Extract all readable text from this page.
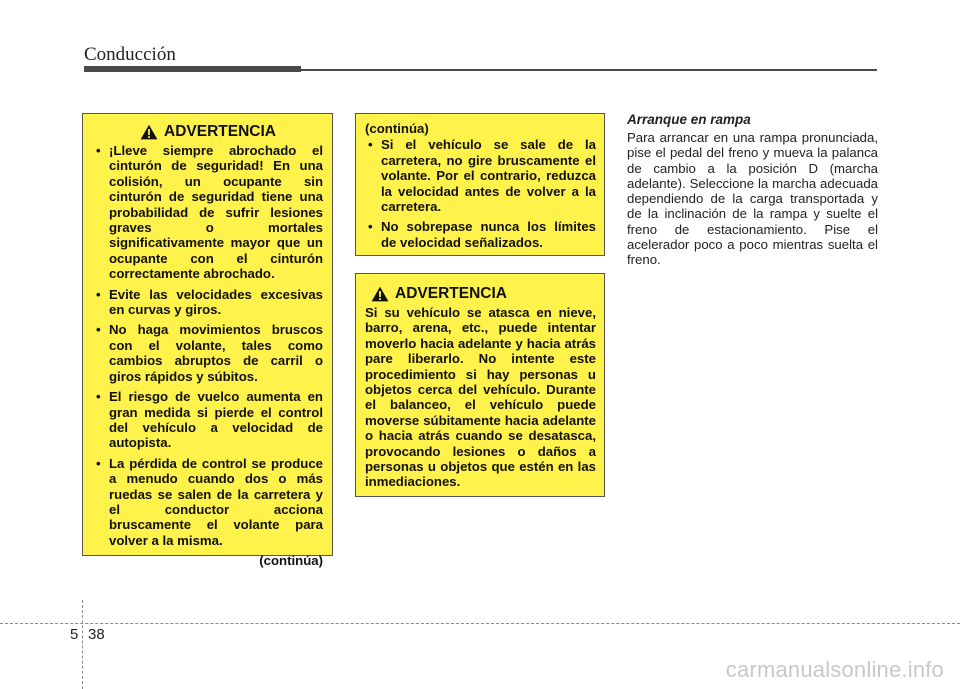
Conducción
ADVERTENCIA
• ¡Lleve siempre abrochado el cinturón de seguridad! En una colisión, un ocupante sin cinturón de seguridad tiene una probabilidad de sufrir lesiones graves o mortales significativamente mayor que un ocupante con el cinturón correctamente abrochado.
• Evite las velocidades excesivas en curvas y giros.
• No haga movimientos bruscos con el volante, tales como cambios abruptos de carril o giros rápidos y súbitos.
• El riesgo de vuelco aumenta en gran medida si pierde el control del vehículo a velocidad de autopista.
• La pérdida de control se produce a menudo cuando dos o más ruedas se salen de la carretera y el conductor acciona bruscamente el volante para volver a la misma.
(continúa)
(continúa)
• Si el vehículo se sale de la carretera, no gire bruscamente el volante. Por el contrario, reduzca la velocidad antes de volver a la carretera.
• No sobrepase nunca los límites de velocidad señalizados.
ADVERTENCIA

Si su vehículo se atasca en nieve, barro, arena, etc., puede intentar moverlo hacia adelante y hacia atrás pare liberarlo. No intente este procedimiento si hay personas u objetos cerca del vehículo. Durante el balanceo, el vehículo puede moverse súbitamente hacia adelante o hacia atrás cuando se desatasca, provocando lesiones o daños a personas u objetos que estén en las inmediaciones.

Arranque en rampa

Para arrancar en una rampa pronunciada, pise el pedal del freno y mueva la palanca de cambio a la posición D (marcha adelante). Seleccione la marcha adecuada dependiendo de la carga transportada y de la inclinación de la rampa y suelte el freno de estacionamiento. Pise el acelerador poco a poco mientras suelta el freno.

5 38
carmanualsonline.info
